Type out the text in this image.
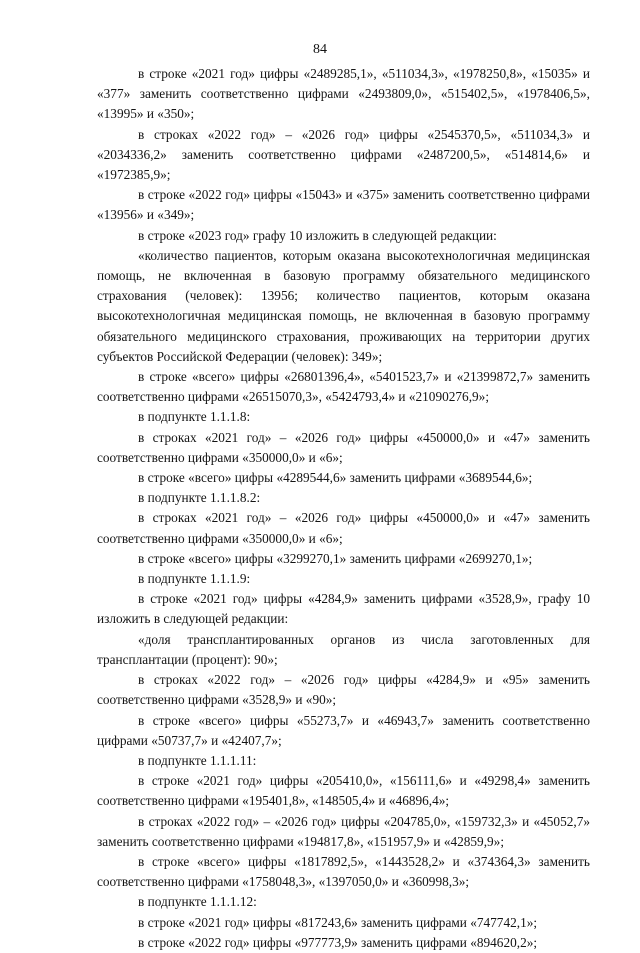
84

в строке «2021 год» цифры «2489285,1», «511034,3», «1978250,8», «15035» и «377» заменить соответственно цифрами «2493809,0», «515402,5», «1978406,5», «13995» и «350»;

в строках «2022 год» – «2026 год» цифры «2545370,5», «511034,3» и «2034336,2» заменить соответственно цифрами «2487200,5», «514814,6» и «1972385,9»;

в строке «2022 год» цифры «15043» и «375» заменить соответственно цифрами «13956» и «349»;

в строке «2023 год» графу 10 изложить в следующей редакции:

«количество пациентов, которым оказана высокотехнологичная медицинская помощь, не включенная в базовую программу обязательного медицинского страхования (человек): 13956; количество пациентов, которым оказана высокотехнологичная медицинская помощь, не включенная в базовую программу обязательного медицинского страхования, проживающих на территории других субъектов Российской Федерации (человек): 349»;

в строке «всего» цифры «26801396,4», «5401523,7» и «21399872,7» заменить соответственно цифрами «26515070,3», «5424793,4» и «21090276,9»;

в подпункте 1.1.1.8:

в строках «2021 год» – «2026 год» цифры «450000,0» и «47» заменить соответственно цифрами «350000,0» и «6»;

в строке «всего» цифры «4289544,6» заменить цифрами «3689544,6»;

в подпункте 1.1.1.8.2:

в строках «2021 год» – «2026 год» цифры «450000,0» и «47» заменить соответственно цифрами «350000,0» и «6»;

в строке «всего» цифры «3299270,1» заменить цифрами «2699270,1»;

в подпункте 1.1.1.9:

в строке «2021 год» цифры «4284,9» заменить цифрами «3528,9», графу 10 изложить в следующей редакции:

«доля трансплантированных органов из числа заготовленных для трансплантации (процент): 90»;

в строках «2022 год» – «2026 год» цифры «4284,9» и «95» заменить соответственно цифрами «3528,9» и «90»;

в строке «всего» цифры «55273,7» и «46943,7» заменить соответственно цифрами «50737,7» и «42407,7»;

в подпункте 1.1.1.11:

в строке «2021 год» цифры «205410,0», «156111,6» и «49298,4» заменить соответственно цифрами «195401,8», «148505,4» и «46896,4»;

в строках «2022 год» – «2026 год» цифры «204785,0», «159732,3» и «45052,7» заменить соответственно цифрами «194817,8», «151957,9» и «42859,9»;

в строке «всего» цифры «1817892,5», «1443528,2» и «374364,3» заменить соответственно цифрами «1758048,3», «1397050,0» и «360998,3»;

в подпункте 1.1.1.12:

в строке «2021 год» цифры «817243,6» заменить цифрами «747742,1»;

в строке «2022 год» цифры «977773,9» заменить цифрами «894620,2»;
